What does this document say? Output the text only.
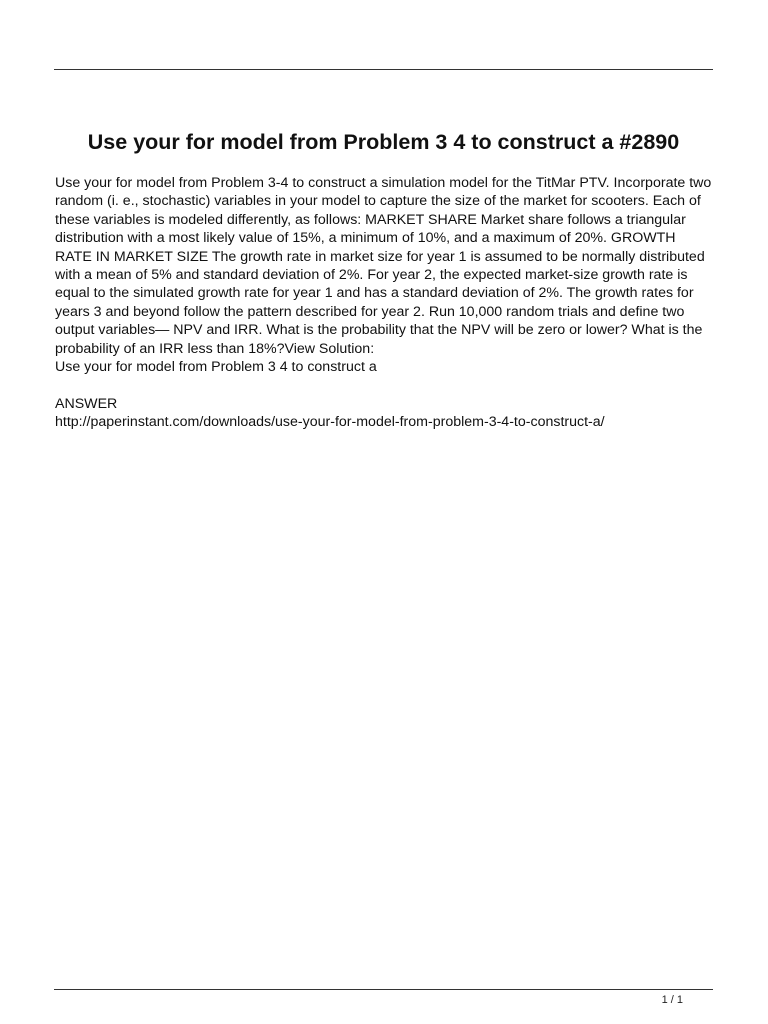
Use your for model from Problem 3 4 to construct a #2890

Use your for model from Problem 3-4 to construct a simulation model for the TitMar PTV. Incorporate two random (i. e., stochastic) variables in your model to capture the size of the market for scooters. Each of these variables is modeled differently, as follows: MARKET SHARE Market share follows a triangular distribution with a most likely value of 15%, a minimum of 10%, and a maximum of 20%. GROWTH RATE IN MARKET SIZE The growth rate in market size for year 1 is assumed to be normally distributed with a mean of 5% and standard deviation of 2%. For year 2, the expected market-size growth rate is equal to the simulated growth rate for year 1 and has a standard deviation of 2%. The growth rates for years 3 and beyond follow the pattern described for year 2. Run 10,000 random trials and define two output variables— NPV and IRR. What is the probability that the NPV will be zero or lower? What is the probability of an IRR less than 18%?View Solution:

Use your for model from Problem 3 4 to construct a

ANSWER

http://paperinstant.com/downloads/use-your-for-model-from-problem-3-4-to-construct-a/

1 / 1
